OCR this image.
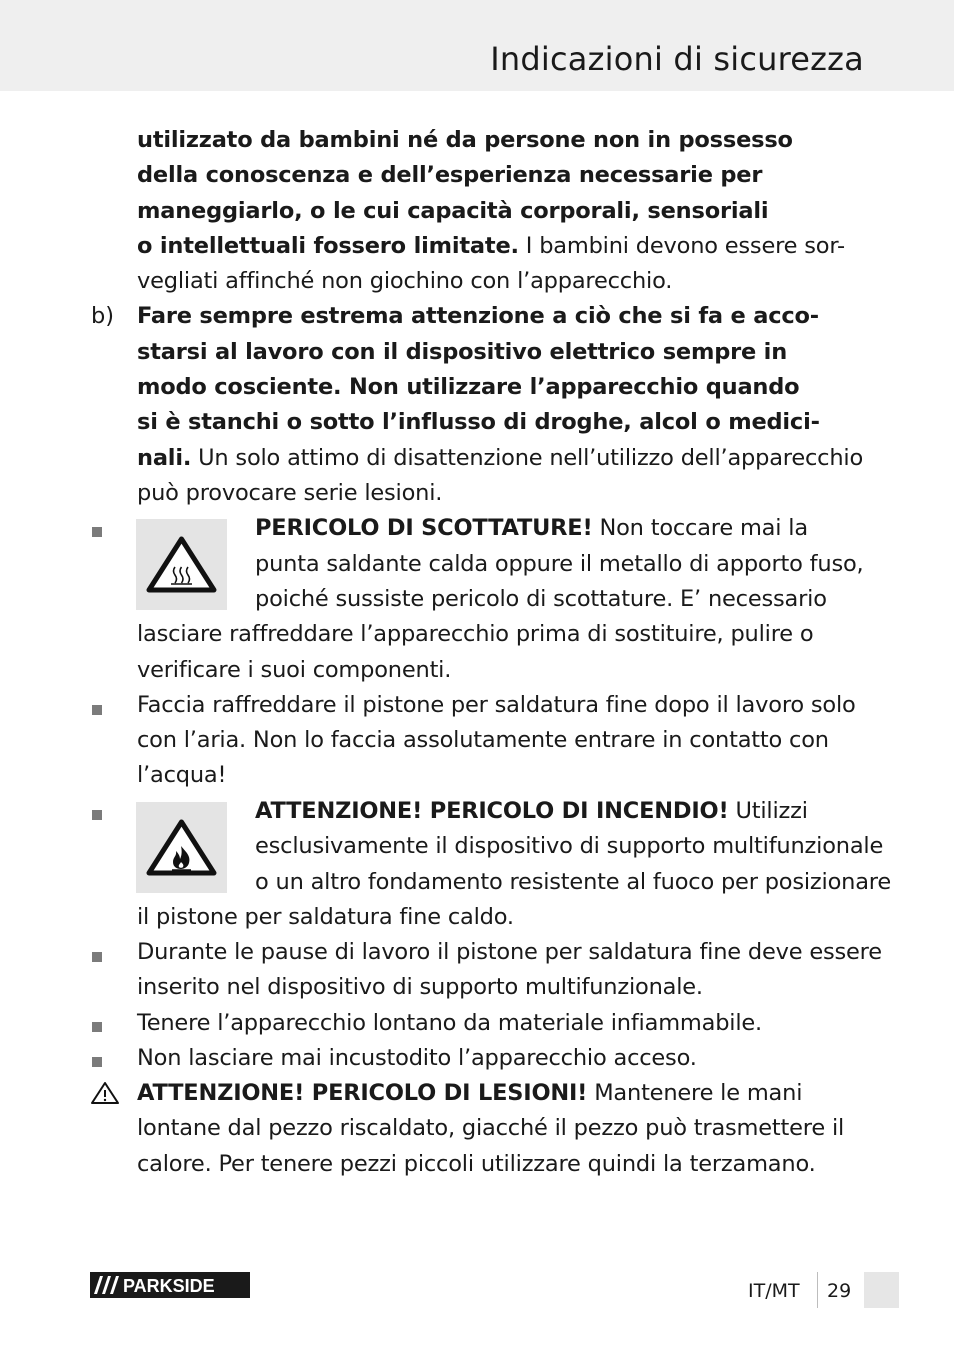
Indicazioni di sicurezza
utilizzato da bambini né da persone non in possesso
della conoscenza e dell’esperienza necessarie per
maneggiarlo, o le cui capacità corporali, sensoriali
o intellettuali fossero limitate. I bambini devono essere sor-
vegliati affinché non giochino con l’apparecchio.
b) Fare sempre estrema attenzione a ciò che si fa e acco-
starsi al lavoro con il dispositivo elettrico sempre in
modo cosciente. Non utilizzare l’apparecchio quando
si è stanchi o sotto l’influsso di droghe, alcol o medici-
nali. Un solo attimo di disattenzione nell’utilizzo dell’apparecchio
può provocare serie lesioni.
PERICOLO DI SCOTTATURE! Non toccare mai la
punta saldante calda oppure il metallo di apporto fuso,
poiché sussiste pericolo di scottature. E’ necessario
lasciare raffreddare l’apparecchio prima di sostituire, pulire o
verificare i suoi componenti.
Faccia raffreddare il pistone per saldatura fine dopo il lavoro solo
con l’aria. Non lo faccia assolutamente entrare in contatto con
l’acqua!
ATTENZIONE! PERICOLO DI INCENDIO! Utilizzi
esclusivamente il dispositivo di supporto multifunzionale
o un altro fondamento resistente al fuoco per posizionare
il pistone per saldatura fine caldo.
Durante le pause di lavoro il pistone per saldatura fine deve essere
inserito nel dispositivo di supporto multifunzionale.
Tenere l’apparecchio lontano da materiale infiammabile.
Non lasciare mai incustodito l’apparecchio acceso.
ATTENZIONE! PERICOLO DI LESIONI! Mantenere le mani
lontane dal pezzo riscaldato, giacché il pezzo può trasmettere il
calore. Per tenere pezzi piccoli utilizzare quindi la terzamano.
PARKSIDE	IT/MT 29
